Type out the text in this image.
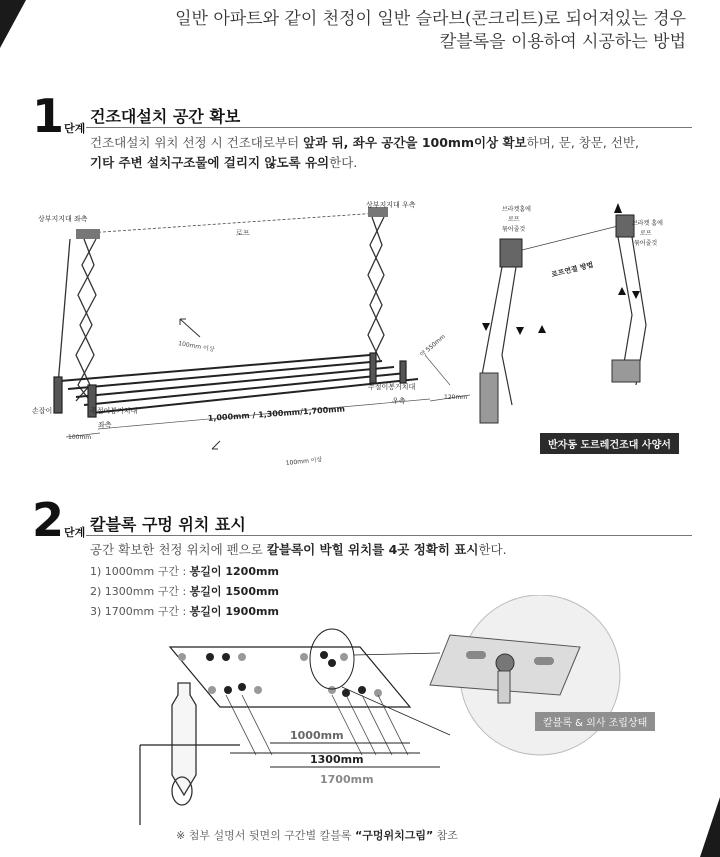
일반 아파트와 같이 천정이 일반 슬라브(콘크리트)로 되어져있는 경우
칼블록을 이용하여 시공하는 방법
1 단계
건조대설치 공간 확보
건조대설치 위치 선정 시 건조대로부터 앞과 뒤, 좌우 공간을 100mm이상 확보하며, 문, 창문, 선반,
기타 주변 설치구조물에 걸리지 않도록 유의한다.
상부지지대 좌측
상부지지대 우측
로프
100mm 이상
손잡이	주절이봉거치대
좌측
주절이봉거치대
우측
1,000mm / 1,300mm/1,700mm
100mm
120mm
약 550mm
100mm 이상
브라켓홈에
로프
묶어줄것
브라켓 홈에
로프
묶어줄것
로프연결 방법
반자동 도르레건조대 사양서
2 단계 칼블록 구멍 위치 표시
공간 확보한 천정 위치에 펜으로 칼블록이 박힐 위치를 4곳 정확히 표시한다.
1) 1000mm 구간 : 봉길이 1200mm
2) 1300mm 구간 : 봉길이 1500mm
3) 1700mm 구간 : 봉길이 1900mm
1000mm
1300mm
1700mm
칼블록 & 외사 조립상태
※ 첨부 설명서 뒷면의 구간별 칼블록 “구멍위치그림” 참조
